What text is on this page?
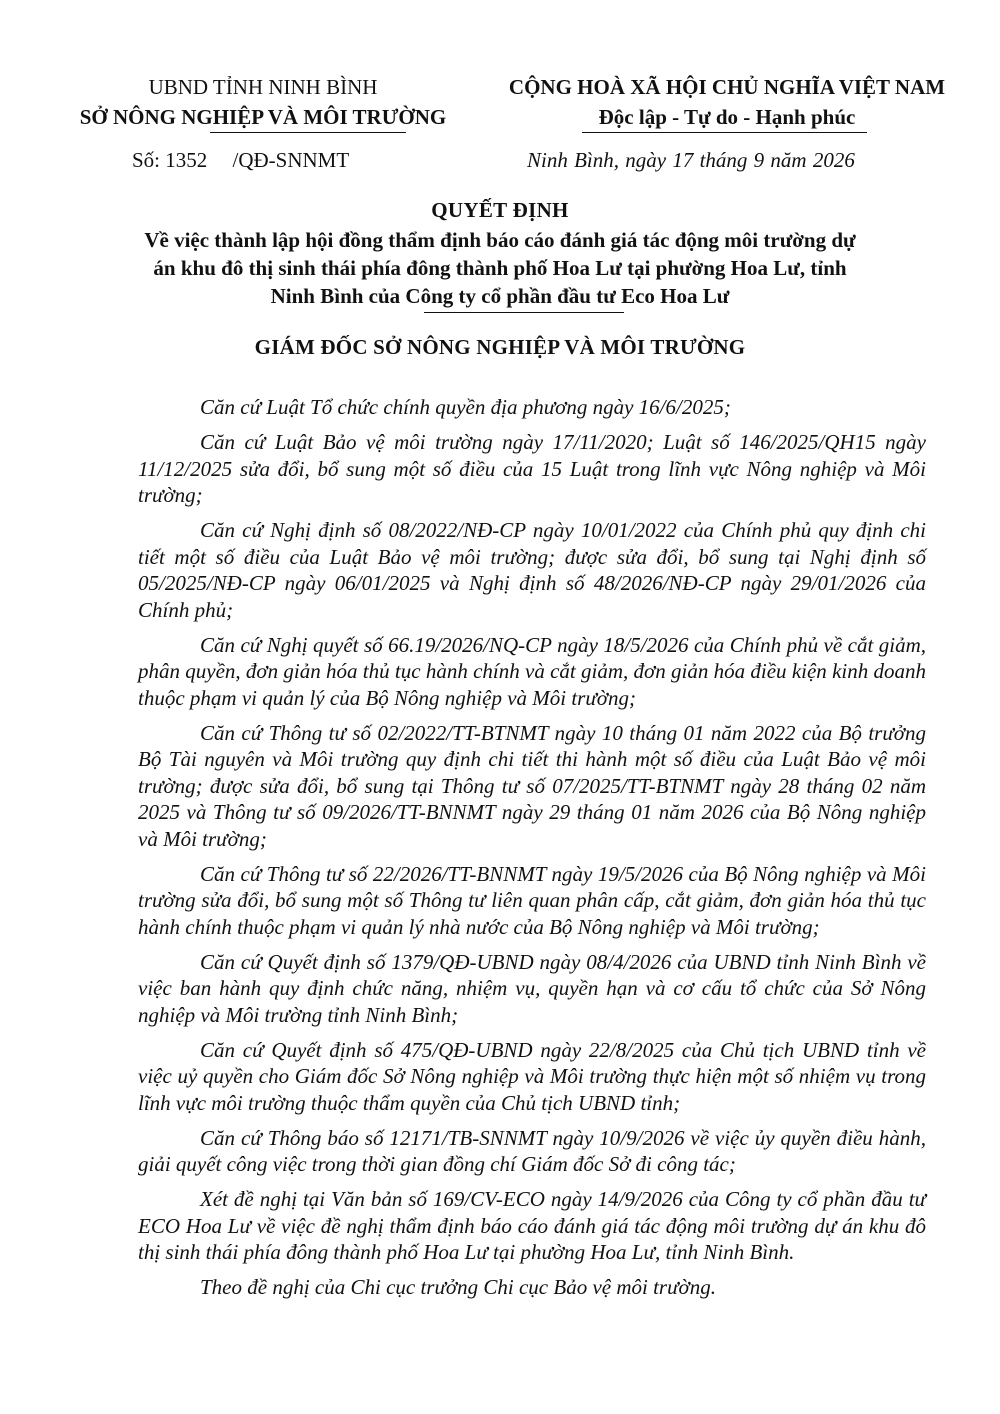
UBND TỈNH NINH BÌNH
SỞ NÔNG NGHIỆP VÀ MÔI TRƯỜNG
Số: 1352 /QĐ-SNNMT
CỘNG HOÀ XÃ HỘI CHỦ NGHĨA VIỆT NAM
Độc lập - Tự do - Hạnh phúc
Ninh Bình, ngày 17 tháng 9 năm 2026
QUYẾT ĐỊNH
Về việc thành lập hội đồng thẩm định báo cáo đánh giá tác động môi trường dự
án khu đô thị sinh thái phía đông thành phố Hoa Lư tại phường Hoa Lư, tỉnh
Ninh Bình của Công ty cổ phần đầu tư Eco Hoa Lư
GIÁM ĐỐC SỞ NÔNG NGHIỆP VÀ MÔI TRƯỜNG

Căn cứ Luật Tổ chức chính quyền địa phương ngày 16/6/2025;

Căn cứ Luật Bảo vệ môi trường ngày 17/11/2020; Luật số 146/2025/QH15 ngày 11/12/2025 sửa đổi, bổ sung một số điều của 15 Luật trong lĩnh vực Nông nghiệp và Môi trường;

Căn cứ Nghị định số 08/2022/NĐ-CP ngày 10/01/2022 của Chính phủ quy định chi tiết một số điều của Luật Bảo vệ môi trường; được sửa đổi, bổ sung tại Nghị định số 05/2025/NĐ-CP ngày 06/01/2025 và Nghị định số 48/2026/NĐ-CP ngày 29/01/2026 của Chính phủ;

Căn cứ Nghị quyết số 66.19/2026/NQ-CP ngày 18/5/2026 của Chính phủ về cắt giảm, phân quyền, đơn giản hóa thủ tục hành chính và cắt giảm, đơn giản hóa điều kiện kinh doanh thuộc phạm vi quản lý của Bộ Nông nghiệp và Môi trường;

Căn cứ Thông tư số 02/2022/TT-BTNMT ngày 10 tháng 01 năm 2022 của Bộ trưởng Bộ Tài nguyên và Môi trường quy định chi tiết thi hành một số điều của Luật Bảo vệ môi trường; được sửa đổi, bổ sung tại Thông tư số 07/2025/TT-BTNMT ngày 28 tháng 02 năm 2025 và Thông tư số 09/2026/TT-BNNMT ngày 29 tháng 01 năm 2026 của Bộ Nông nghiệp và Môi trường;

Căn cứ Thông tư số 22/2026/TT-BNNMT ngày 19/5/2026 của Bộ Nông nghiệp và Môi trường sửa đổi, bổ sung một số Thông tư liên quan phân cấp, cắt giảm, đơn giản hóa thủ tục hành chính thuộc phạm vi quản lý nhà nước của Bộ Nông nghiệp và Môi trường;

Căn cứ Quyết định số 1379/QĐ-UBND ngày 08/4/2026 của UBND tỉnh Ninh Bình về việc ban hành quy định chức năng, nhiệm vụ, quyền hạn và cơ cấu tổ chức của Sở Nông nghiệp và Môi trường tỉnh Ninh Bình;

Căn cứ Quyết định số 475/QĐ-UBND ngày 22/8/2025 của Chủ tịch UBND tỉnh về việc uỷ quyền cho Giám đốc Sở Nông nghiệp và Môi trường thực hiện một số nhiệm vụ trong lĩnh vực môi trường thuộc thẩm quyền của Chủ tịch UBND tỉnh;

Căn cứ Thông báo số 12171/TB-SNNMT ngày 10/9/2026 về việc ủy quyền điều hành, giải quyết công việc trong thời gian đồng chí Giám đốc Sở đi công tác;

Xét đề nghị tại Văn bản số 169/CV-ECO ngày 14/9/2026 của Công ty cổ phần đầu tư ECO Hoa Lư về việc đề nghị thẩm định báo cáo đánh giá tác động môi trường dự án khu đô thị sinh thái phía đông thành phố Hoa Lư tại phường Hoa Lư, tỉnh Ninh Bình.

Theo đề nghị của Chi cục trưởng Chi cục Bảo vệ môi trường.
